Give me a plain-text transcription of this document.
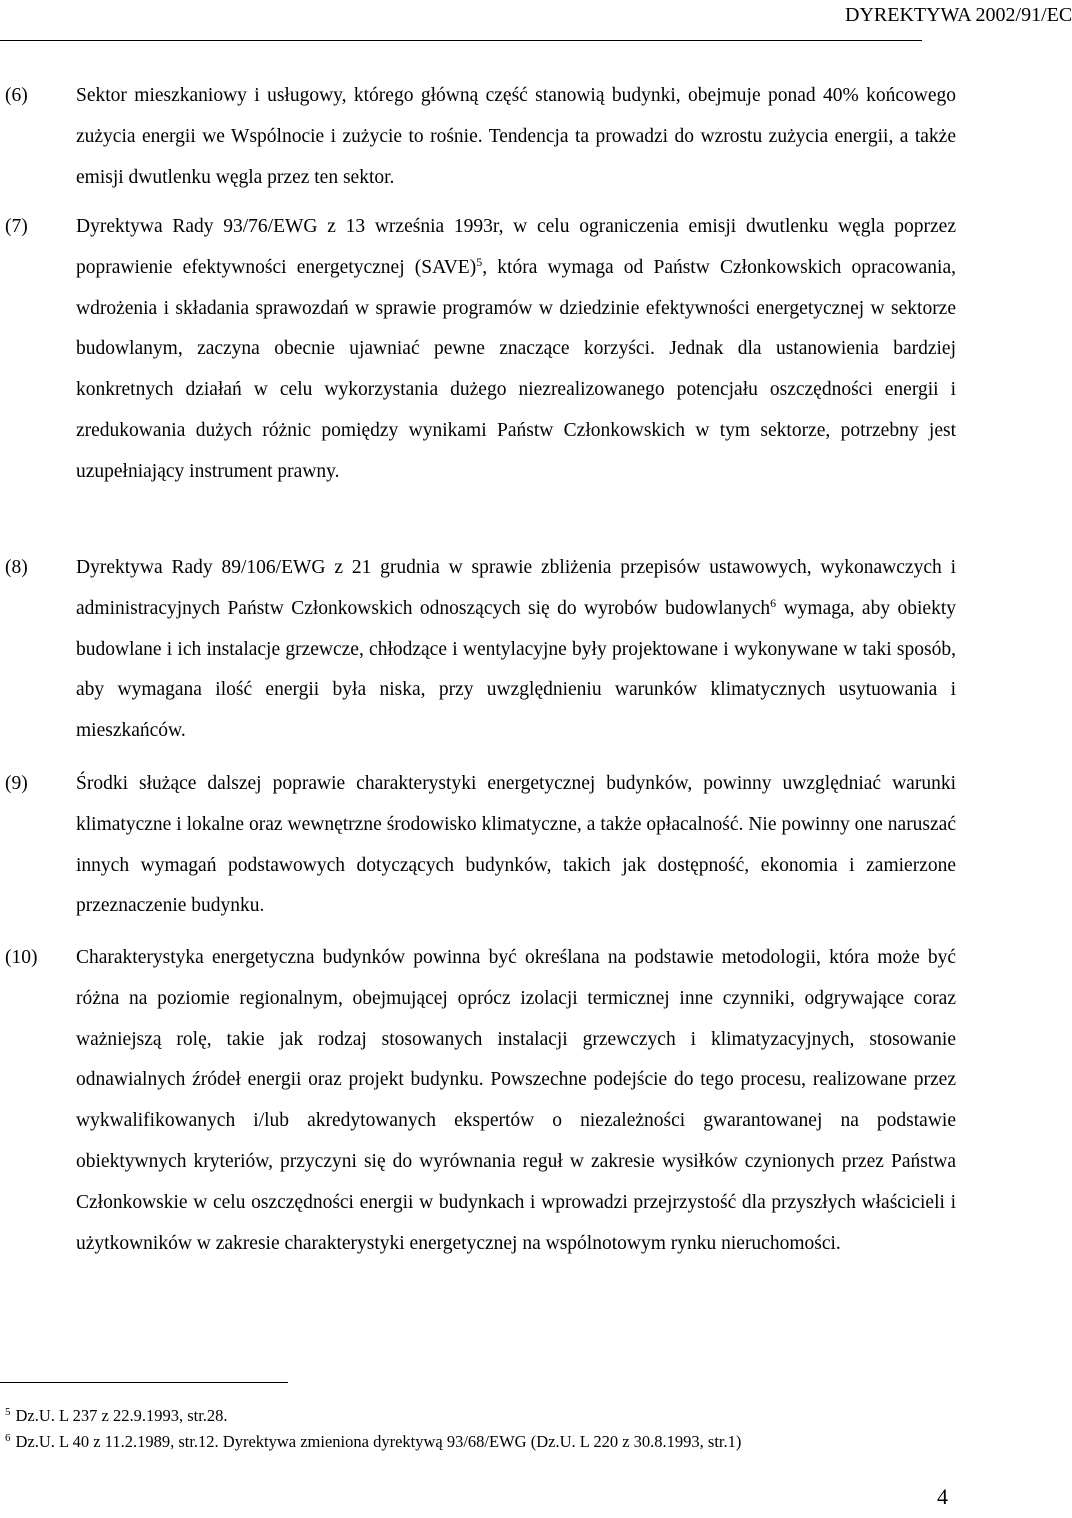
DYREKTYWA 2002/91/EC
(6) Sektor mieszkaniowy i usługowy, którego główną część stanowią budynki, obejmuje ponad 40% końcowego zużycia energii we Wspólnocie i zużycie to rośnie. Tendencja ta prowadzi do wzrostu zużycia energii, a także emisji dwutlenku węgla przez ten sektor.
(7) Dyrektywa Rady 93/76/EWG z 13 września 1993r, w celu ograniczenia emisji dwutlenku węgla poprzez poprawienie efektywności energetycznej (SAVE)$^5$, która wymaga od Państw Członkowskich opracowania, wdrożenia i składania sprawozdań w sprawie programów w dziedzinie efektywności energetycznej w sektorze budowlanym, zaczyna obecnie ujawniać pewne znaczące korzyści. Jednak dla ustanowienia bardziej konkretnych działań w celu wykorzystania dużego niezrealizowanego potencjału oszczędności energii i zredukowania dużych różnic pomiędzy wynikami Państw Członkowskich w tym sektorze, potrzebny jest uzupełniający instrument prawny.
(8) Dyrektywa Rady 89/106/EWG z 21 grudnia w sprawie zbliżenia przepisów ustawowych, wykonawczych i administracyjnych Państw Członkowskich odnoszących się do wyrobów budowlanych$^6$ wymaga, aby obiekty budowlane i ich instalacje grzewcze, chłodzące i wentylacyjne były projektowane i wykonywane w taki sposób, aby wymagana ilość energii była niska, przy uwzględnieniu warunków klimatycznych usytuowania i mieszkańców.
(9) Środki służące dalszej poprawie charakterystyki energetycznej budynków, powinny uwzględniać warunki klimatyczne i lokalne oraz wewnętrzne środowisko klimatyczne, a także opłacalność. Nie powinny one naruszać innych wymagań podstawowych dotyczących budynków, takich jak dostępność, ekonomia i zamierzone przeznaczenie budynku.
(10) Charakterystyka energetyczna budynków powinna być określana na podstawie metodologii, która może być różna na poziomie regionalnym, obejmującej oprócz izolacji termicznej inne czynniki, odgrywające coraz ważniejszą rolę, takie jak rodzaj stosowanych instalacji grzewczych i klimatyzacyjnych, stosowanie odnawialnych źródeł energii oraz projekt budynku. Powszechne podejście do tego procesu, realizowane przez wykwalifikowanych i/lub akredytowanych ekspertów o niezależności gwarantowanej na podstawie obiektywnych kryteriów, przyczyni się do wyrównania reguł w zakresie wysiłków czynionych przez Państwa Członkowskie w celu oszczędności energii w budynkach i wprowadzi przejrzystość dla przyszłych właścicieli i użytkowników w zakresie charakterystyki energetycznej na wspólnotowym rynku nieruchomości.
$^5$ Dz.U. L 237 z 22.9.1993, str.28.
$^6$ Dz.U. L 40 z 11.2.1989, str.12. Dyrektywa zmieniona dyrektywą 93/68/EWG (Dz.U. L 220 z 30.8.1993, str.1)
4
